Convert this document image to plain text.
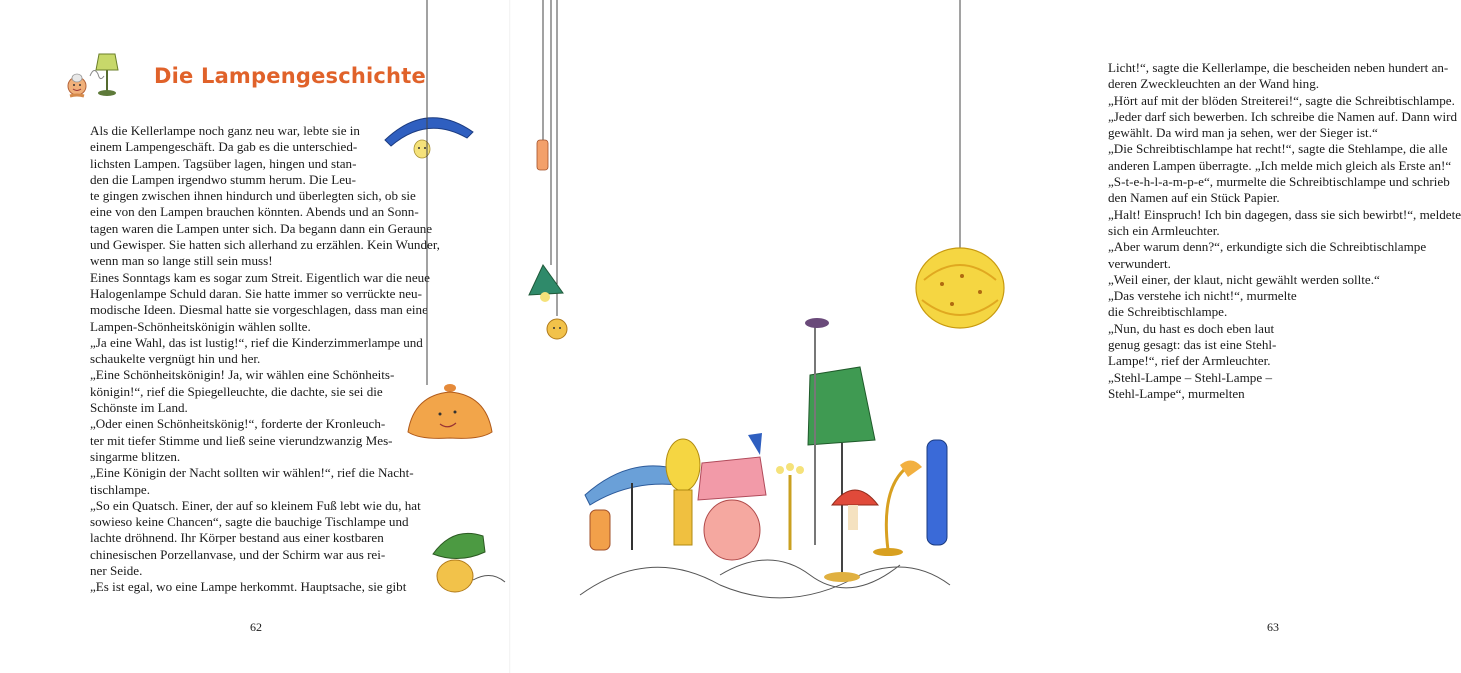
Die Lampengeschichte
Als die Kellerlampe noch ganz neu war, lebte sie in
einem Lampengeschäft. Da gab es die unterschied-
lichsten Lampen. Tagsüber lagen, hingen und stan-
den die Lampen irgendwo stumm herum. Die Leu-
te gingen zwischen ihnen hindurch und überlegten sich, ob sie
eine von den Lampen brauchen könnten. Abends und an Sonn-
tagen waren die Lampen unter sich. Da begann dann ein Geraune
und Gewisper. Sie hatten sich allerhand zu erzählen. Kein Wunder,
wenn man so lange still sein muss!
Eines Sonntags kam es sogar zum Streit. Eigentlich war die neue
Halogenlampe Schuld daran. Sie hatte immer so verrückte neu-
modische Ideen. Diesmal hatte sie vorgeschlagen, dass man eine
Lampen-Schönheitskönigin wählen sollte.
„Ja eine Wahl, das ist lustig!“, rief die Kinderzimmerlampe und
schaukelte vergnügt hin und her.
„Eine Schönheitskönigin! Ja, wir wählen eine Schönheits-
königin!“, rief die Spiegelleuchte, die dachte, sie sei die
Schönste im Land.
„Oder einen Schönheitskönig!“, forderte der Kronleuch-
ter mit tiefer Stimme und ließ seine vierundzwanzig Mes-
singarme blitzen.
„Eine Königin der Nacht sollten wir wählen!“, rief die Nacht-
tischlampe.
„So ein Quatsch. Einer, der auf so kleinem Fuß lebt wie du, hat
sowieso keine Chancen“, sagte die bauchige Tischlampe und
lachte dröhnend. Ihr Körper bestand aus einer kostbaren
chinesischen Porzellanvase, und der Schirm war aus rei-
ner Seide.
„Es ist egal, wo eine Lampe herkommt. Hauptsache, sie gibt
62
Licht!“, sagte die Kellerlampe, die bescheiden neben hundert an-
deren Zweckleuchten an der Wand hing.
„Hört auf mit der blöden Streiterei!“, sagte die Schreibtischlampe.
„Jeder darf sich bewerben. Ich schreibe die Namen auf. Dann wird
gewählt. Da wird man ja sehen, wer der Sieger ist.“
„Die Schreibtischlampe hat recht!“, sagte die Stehlampe, die alle
anderen Lampen überragte. „Ich melde mich gleich als Erste an!“
„S-t-e-h-l-a-m-p-e“, murmelte die Schreibtischlampe und schrieb
den Namen auf ein Stück Papier.
„Halt! Einspruch! Ich bin dagegen, dass sie sich bewirbt!“, meldete
sich ein Armleuchter.
„Aber warum denn?“, erkundigte sich die Schreibtischlampe
verwundert.
„Weil einer, der klaut, nicht gewählt werden sollte.“
„Das verstehe ich nicht!“, murmelte
die Schreibtischlampe.
„Nun, du hast es doch eben laut
genug gesagt: das ist eine Stehl-
Lampe!“, rief der Armleuchter.
„Stehl-Lampe – Stehl-Lampe –
Stehl-Lampe“, murmelten
63
